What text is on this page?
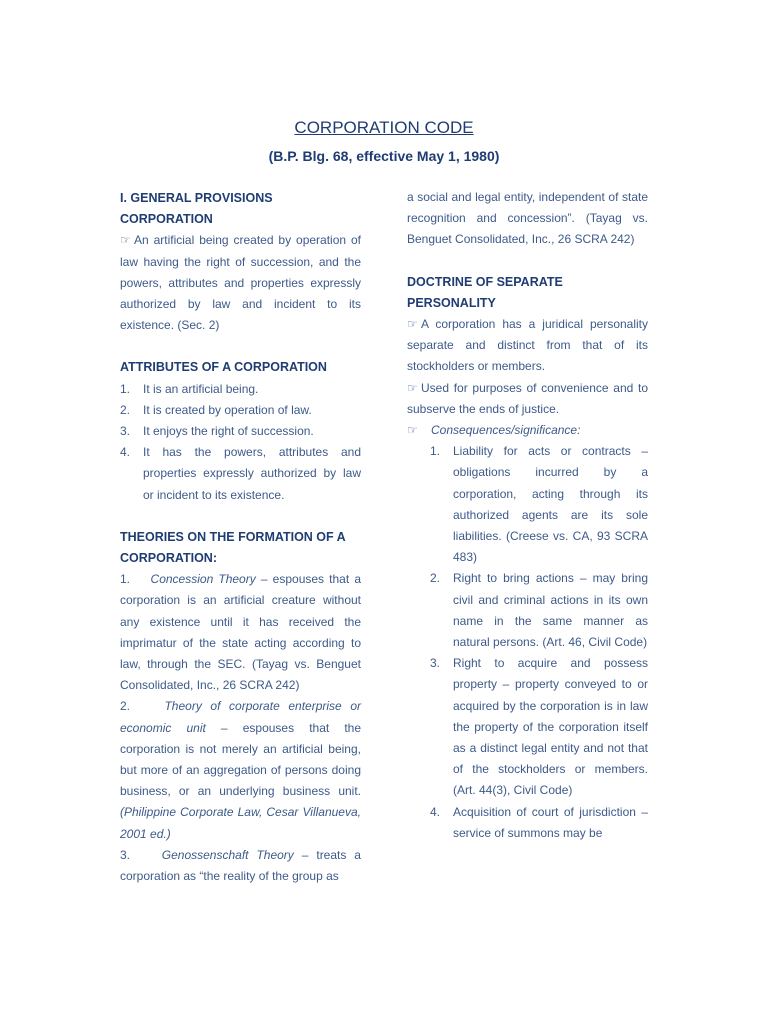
CORPORATION CODE
(B.P. Blg. 68, effective May 1, 1980)
I. GENERAL PROVISIONS
CORPORATION

☞ An artificial being created by operation of law having the right of succession, and the powers, attributes and properties expressly authorized by law and incident to its existence. (Sec. 2)

ATTRIBUTES OF A CORPORATION
1.	It is an artificial being.
2.	It is created by operation of law.
3.	It enjoys the right of succession.
4.	It has the powers, attributes and properties expressly authorized by law or incident to its existence.
THEORIES ON THE FORMATION OF A CORPORATION:

1. Concession Theory – espouses that a corporation is an artificial creature without any existence until it has received the imprimatur of the state acting according to law, through the SEC. (Tayag vs. Benguet Consolidated, Inc., 26 SCRA 242)

2.	Theory of corporate enterprise or economic unit – espouses that the corporation is not merely an artificial being, but more of an aggregation of persons doing business, or an underlying business unit. (Philippine Corporate Law, Cesar Villanueva, 2001 ed.)

3.	Genossenschaft Theory – treats a corporation as “the reality of the group as

a social and legal entity, independent of state recognition and concession”. (Tayag vs. Benguet Consolidated, Inc., 26 SCRA 242)

DOCTRINE OF SEPARATE PERSONALITY

☞ A corporation has a juridical personality separate and distinct from that of its stockholders or members.

☞ Used for purposes of convenience and to subserve the ends of justice.

☞ Consequences/significance:

1.	Liability for acts or contracts – obligations incurred by a corporation, acting through its authorized agents are its sole liabilities. (Creese vs. CA, 93 SCRA 483)
2.	Right to bring actions – may bring civil and criminal actions in its own name in the same manner as natural persons. (Art. 46, Civil Code)
3.	Right to acquire and possess property – property conveyed to or acquired by the corporation is in law the property of the corporation itself as a distinct legal entity and not that of the stockholders or members. (Art. 44(3), Civil Code)
4.	Acquisition of court of jurisdiction – service of summons may be
